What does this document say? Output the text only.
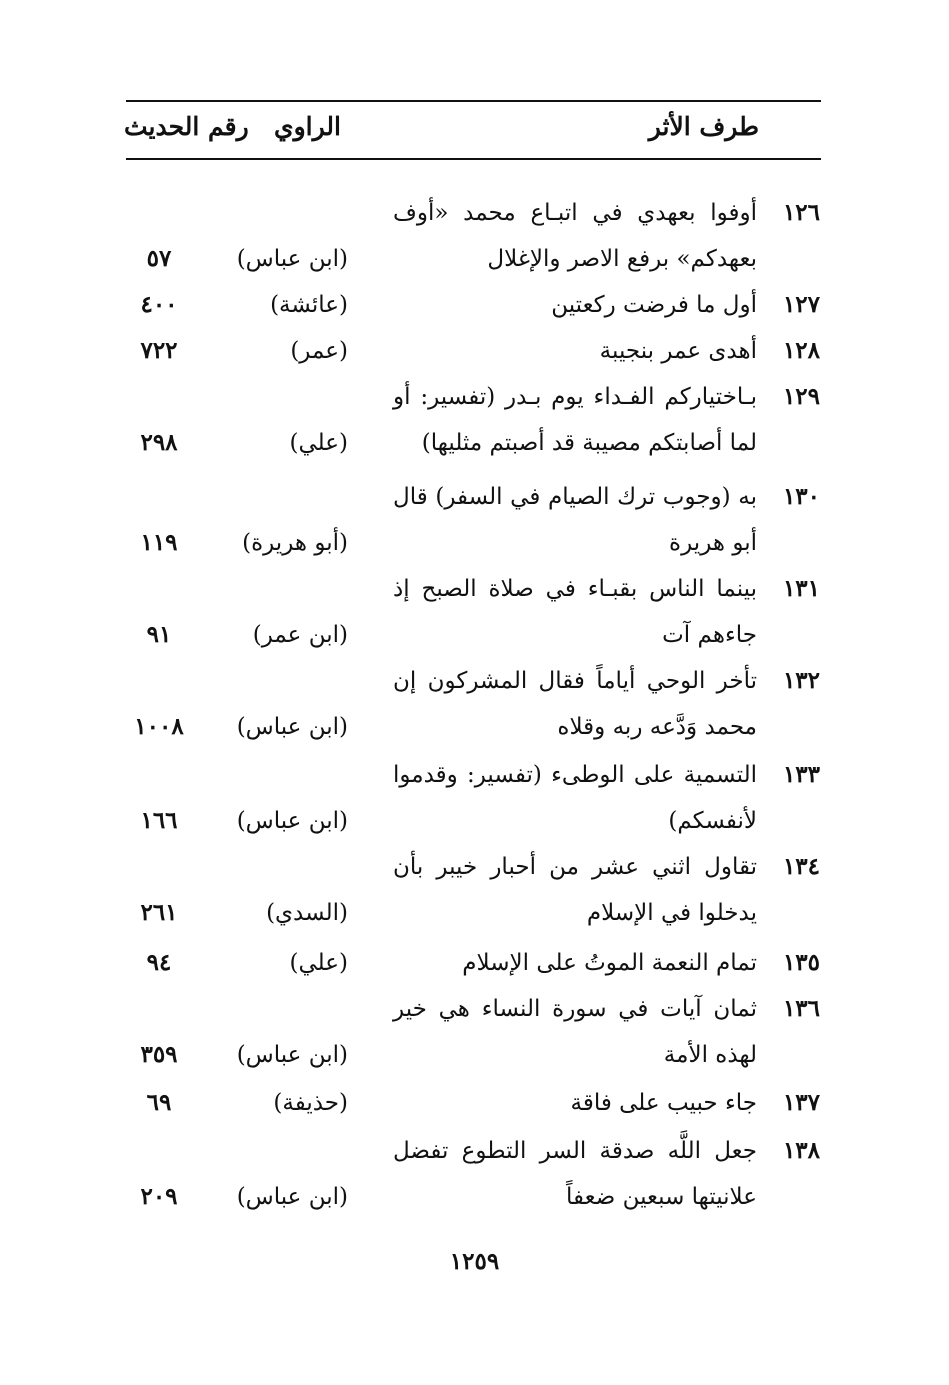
طرف الأثر
الراوي
رقم الحديث
١٢٦
أوفوا بعهدي في اتبـاع محمد «أوف بعهدكم» برفع الاصر والإغلال
(ابن عباس)
٥٧
١٢٧
أول ما فرضت ركعتين
(عائشة)
٤٠٠
١٢٨
أهدى عمر بنجيبة
(عمر)
٧٢٢
١٢٩
بـاختياركم الفـداء يوم بـدر (تفسير: أو لما أصابتكم مصيبة قد أصبتم مثليها)
(علي)
٢٩٨
١٣٠
به (وجوب ترك الصيام في السفر) قال أبو هريرة
(أبو هريرة)
١١٩
١٣١
بينما الناس بقبـاء في صلاة الصبح إذ جاءهم آت
(ابن عمر)
٩١
١٣٢
تأخر الوحي أياماً فقال المشركون إن محمد وَدَّعه ربه وقلاه
(ابن عباس)
١٠٠٨
١٣٣
التسمية على الوطىء (تفسير: وقدموا لأنفسكم)
(ابن عباس)
١٦٦
١٣٤
تقاول اثني عشر من أحبار خيبر بأن يدخلوا في الإسلام
(السدي)
٢٦١
١٣٥
تمام النعمة الموتُ على الإسلام
(علي)
٩٤
١٣٦
ثمان آيات في سورة النساء هي خير لهذه الأمة
(ابن عباس)
٣٥٩
١٣٧
جاء حبيب على فاقة
(حذيفة)
٦٩
١٣٨
جعل اللَّه صدقة السر التطوع تفضل علانيتها سبعين ضعفاً
(ابن عباس)
٢٠٩
١٢٥٩
